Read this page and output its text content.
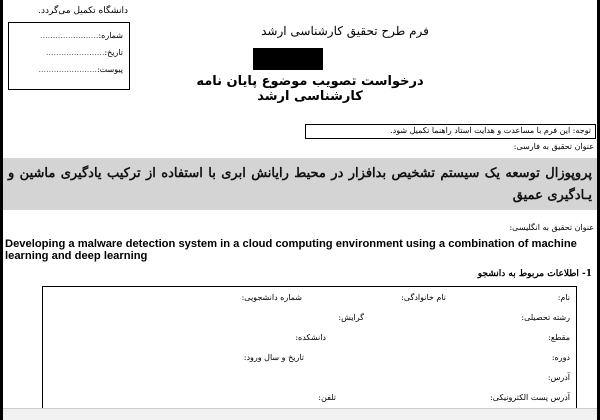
دانشگاه تکمیل می‌گردد.
شماره:.......................
تاریخ:.......................
پیوست:.......................
فرم طرح تحقیق کارشناسی ارشد
درخواست تصویب موضوع پایان نامه کارشناسی ارشد
توجه: این فرم با مساعدت و هدایت استاد راهنما تکمیل شود.
عنوان تحقیق به فارسی:
پروپوزال توسعه یک سیستم تشخیص بدافزار در محیط رایانش ابری با استفاده از ترکیب یادگیری ماشین و یـادگیری عمیق
عنوان تحقیق به انگلیسی:
Developing a malware detection system in a cloud computing environment using a combination of machine learning and deep learning
1- اطلاعات مربوط به دانشجو
نام:
نام خانوادگی:
شماره دانشجویی:
رشته تحصیلی:
گرایش:
مقطع:
دانشکده:
دوره:
تاریخ و سال ورود:
آدرس:
آدرس پست الکترونیکی:
تلفن:
